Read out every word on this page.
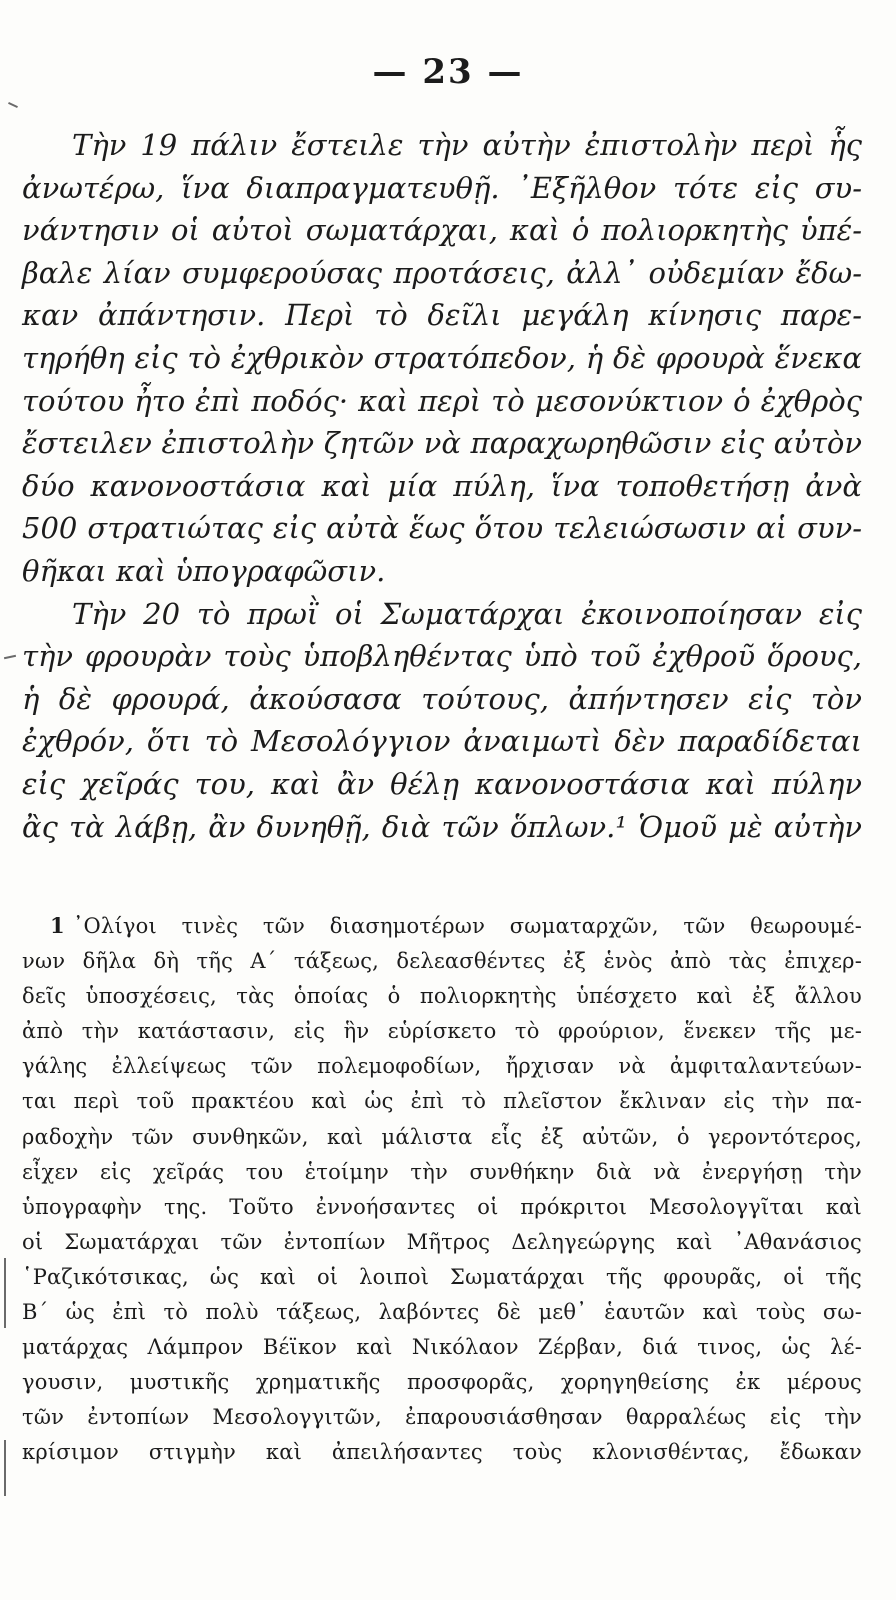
— 23 —
Τὴν 19 πάλιν ἔστειλε τὴν αὐτὴν ἐπιστολὴν περὶ ἧς
ἀνωτέρω, ἵνα διαπραγματευθῇ. ᾿Εξῆλθον τότε εἰς συ-
νάντησιν οἱ αὐτοὶ σωματάρχαι, καὶ ὁ πολιορκητὴς ὑπέ-
βαλε λίαν συμφερούσας προτάσεις, ἀλλ᾿ οὐδεμίαν ἔδω-
καν ἀπάντησιν. Περὶ τὸ δεῖλι μεγάλη κίνησις παρε-
τηρήθη εἰς τὸ ἐχθρικὸν στρατόπεδον, ἡ δὲ φρουρὰ ἕνεκα
τούτου ἦτο ἐπὶ ποδός· καὶ περὶ τὸ μεσονύκτιον ὁ ἐχθρὸς
ἔστειλεν ἐπιστολὴν ζητῶν νὰ παραχωρηθῶσιν εἰς αὐτὸν
δύο κανονοστάσια καὶ μία πύλη, ἵνα τοποθετήσῃ ἀνὰ
500 στρατιώτας εἰς αὐτὰ ἕως ὅτου τελειώσωσιν αἱ συν-
θῆκαι καὶ ὑπογραφῶσιν.
Τὴν 20 τὸ πρωῒ οἱ Σωματάρχαι ἐκοινοποίησαν εἰς
τὴν φρουρὰν τοὺς ὑποβληθέντας ὑπὸ τοῦ ἐχθροῦ ὅρους,
ἡ δὲ φρουρά, ἀκούσασα τούτους, ἀπήντησεν εἰς τὸν
ἐχθρόν, ὅτι τὸ Μεσολόγγιον ἀναιμωτὶ δὲν παραδίδεται
εἰς χεῖράς του, καὶ ἂν θέλῃ κανονοστάσια καὶ πύλην
ἂς τὰ λάβῃ, ἂν δυνηθῇ, διὰ τῶν ὅπλων.¹ Ὁμοῦ μὲ αὐτὴν
1 ᾿Ολίγοι τινὲς τῶν διασημοτέρων σωματαρχῶν, τῶν θεωρουμέ-
νων δῆλα δὴ τῆς Α΄ τάξεως, δελεασθέντες ἐξ ἑνὸς ἀπὸ τὰς ἐπιχερ-
δεῖς ὑποσχέσεις, τὰς ὁποίας ὁ πολιορκητὴς ὑπέσχετο καὶ ἐξ ἄλλου
ἀπὸ τὴν κατάστασιν, εἰς ἣν εὑρίσκετο τὸ φρούριον, ἕνεκεν τῆς με-
γάλης ἐλλείψεως τῶν πολεμοφοδίων, ἤρχισαν νὰ ἀμφιταλαντεύων-
ται περὶ τοῦ πρακτέου καὶ ὡς ἐπὶ τὸ πλεῖστον ἔκλιναν εἰς τὴν πα-
ραδοχὴν τῶν συνθηκῶν, καὶ μάλιστα εἷς ἐξ αὐτῶν, ὁ γεροντότερος,
εἶχεν εἰς χεῖράς του ἑτοίμην τὴν συνθήκην διὰ νὰ ἐνεργήσῃ τὴν
ὑπογραφὴν της. Τοῦτο ἐννοήσαντες οἱ πρόκριτοι Μεσολογγῖται καὶ
οἱ Σωματάρχαι τῶν ἐντοπίων Μῆτρος Δεληγεώργης καὶ ᾿Αθανάσιος
῾Ραζικότσικας, ὡς καὶ οἱ λοιποὶ Σωματάρχαι τῆς φρουρᾶς, οἱ τῆς
Β΄ ὡς ἐπὶ τὸ πολὺ τάξεως, λαβόντες δὲ μεθ᾿ ἑαυτῶν καὶ τοὺς σω-
ματάρχας Λάμπρον Βέϊκον καὶ Νικόλαον Ζέρβαν, διά τινος, ὡς λέ-
γουσιν, μυστικῆς χρηματικῆς προσφορᾶς, χορηγηθείσης ἐκ μέρους
τῶν ἐντοπίων Μεσολογγιτῶν, ἐπαρουσιάσθησαν θαρραλέως εἰς τὴν
κρίσιμον στιγμὴν καὶ ἀπειλήσαντες τοὺς κλονισθέντας, ἔδωκαν
